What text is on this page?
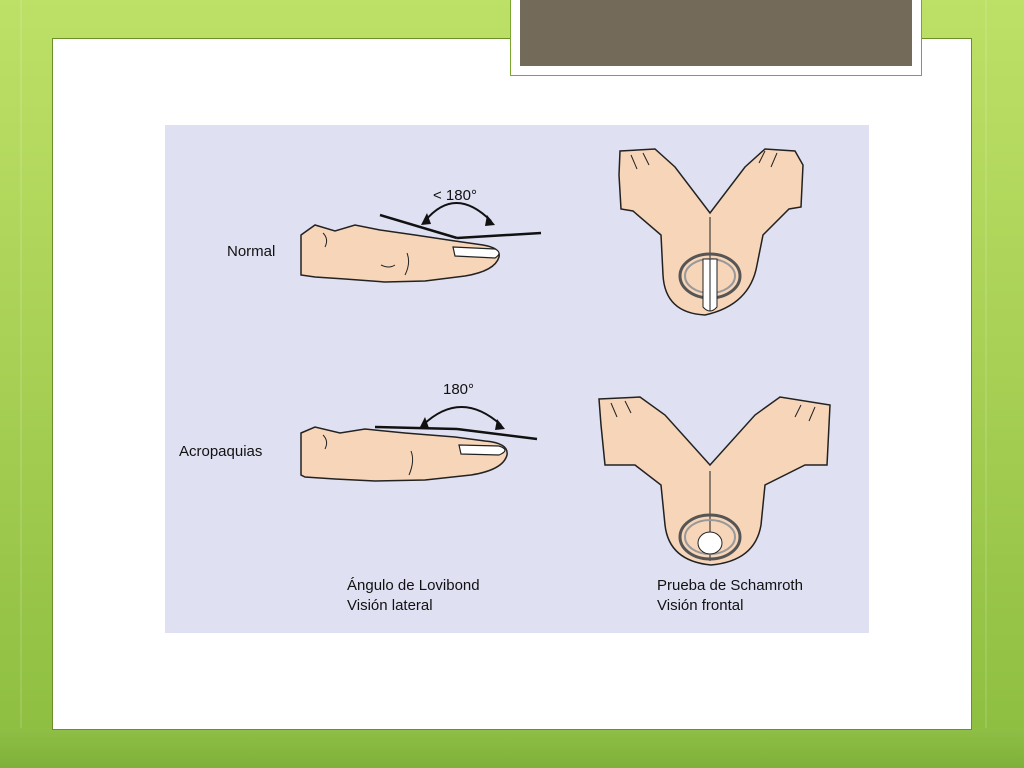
Normal
Acropaquias
< 180°
180°
Ángulo de Lovibond
Visión lateral
Prueba de Schamroth
Visión frontal
